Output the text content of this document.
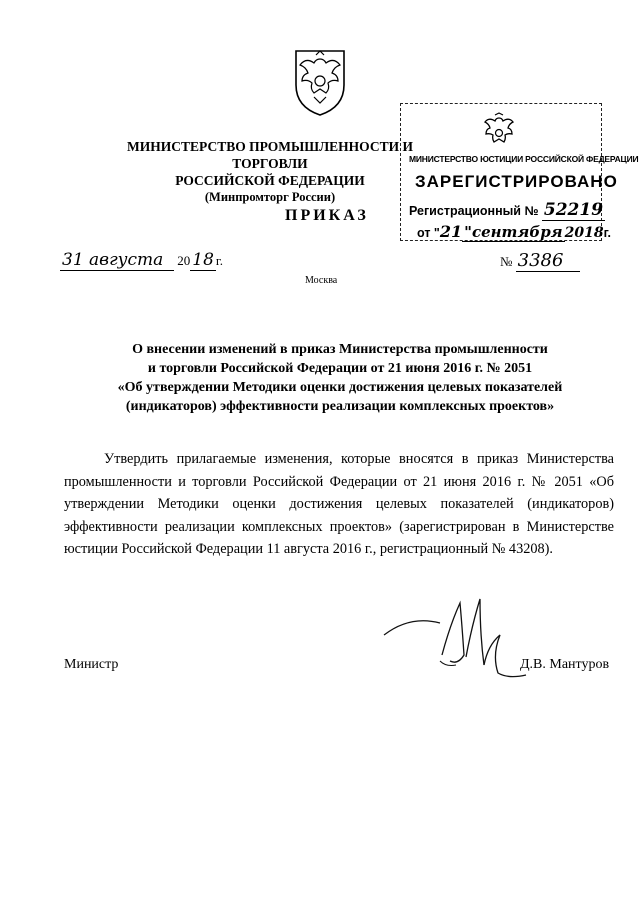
МИНИСТЕРСТВО ПРОМЫШЛЕННОСТИ И ТОРГОВЛИ
РОССИЙСКОЙ ФЕДЕРАЦИИ
(Минпромторг России)
МИНИСТЕРСТВО ЮСТИЦИИ РОССИЙСКОЙ ФЕДЕРАЦИИ
ЗАРЕГИСТРИРОВАНО
Регистрационный № 52219
от "21 "сентября 2018г.
ПРИКАЗ
31 августа 20 18 г.	№ 3386
Москва
О внесении изменений в приказ Министерства промышленности
и торговли Российской Федерации от 21 июня 2016 г. № 2051
«Об утверждении Методики оценки достижения целевых показателей
(индикаторов) эффективности реализации комплексных проектов»
Утвердить прилагаемые изменения, которые вносятся в приказ Министерства промышленности и торговли Российской Федерации от 21 июня 2016 г. № 2051 «Об утверждении Методики оценки достижения целевых показателей (индикаторов) эффективности реализации комплексных проектов» (зарегистрирован в Министерстве юстиции Российской Федерации 11 августа 2016 г., регистрационный № 43208).
Министр	Д.В. Мантуров
